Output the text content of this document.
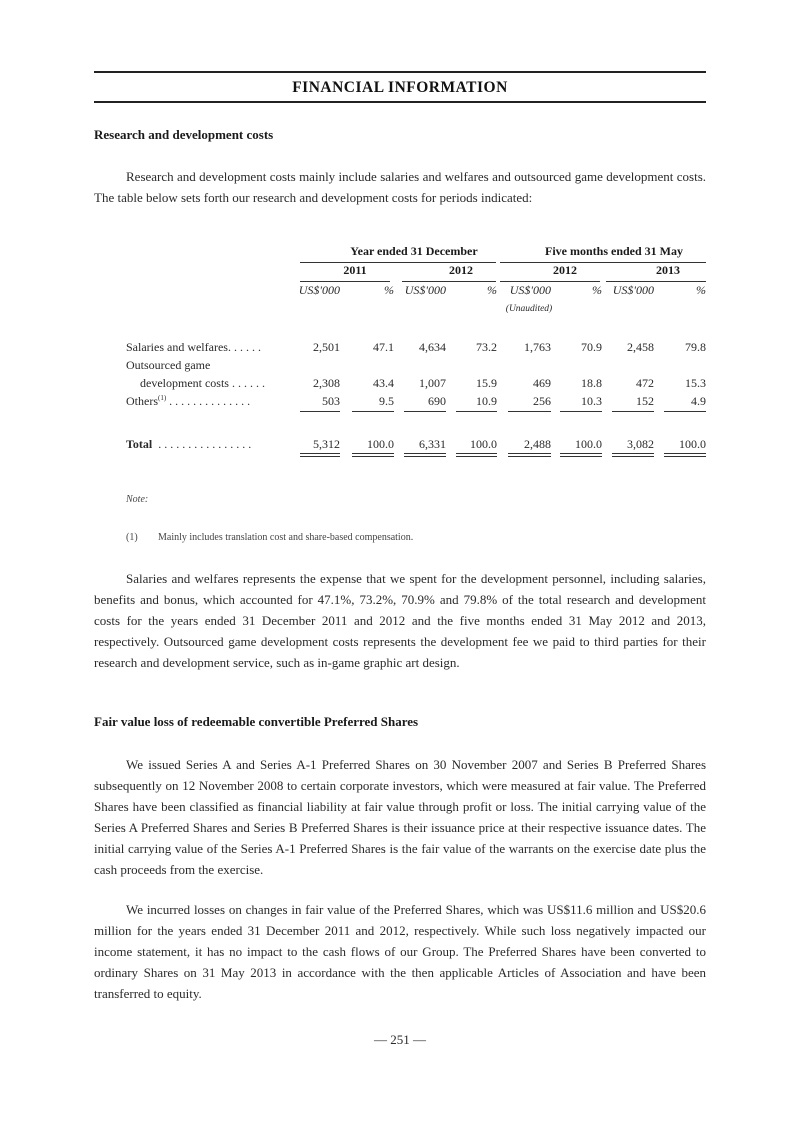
FINANCIAL INFORMATION
Research and development costs
Research and development costs mainly include salaries and welfares and outsourced game development costs. The table below sets forth our research and development costs for periods indicated:
Year ended 31 December	Five months ended 31 May
2011	2012	2012	2013
US$'000	% US$'000	%	US$'000	% US$'000	%
(Unaudited)
Salaries and welfares. . . . . .	2,501	47.1	4,634	73.2	1,763	70.9	2,458	79.8
Outsourced game
development costs . . . . . .	2,308	43.4	1,007	15.9	469	18.8	472	15.3
Others$^{(1)}$ . . . . . . . . . . . . . .	503	9.5	690	10.9	256	10.3	152	4.9
Total . . . . . . . . . . . . . . . .	5,312	100.0	6,331	100.0	2,488	100.0	3,082	100.0
Note:
(1) Mainly includes translation cost and share-based compensation.
Salaries and welfares represents the expense that we spent for the development personnel, including salaries, benefits and bonus, which accounted for 47.1%, 73.2%, 70.9% and 79.8% of the total research and development costs for the years ended 31 December 2011 and 2012 and the five months ended 31 May 2012 and 2013, respectively. Outsourced game development costs represents the development fee we paid to third parties for their research and development service, such as in-game graphic art design.
Fair value loss of redeemable convertible Preferred Shares
We issued Series A and Series A-1 Preferred Shares on 30 November 2007 and Series B Preferred Shares subsequently on 12 November 2008 to certain corporate investors, which were measured at fair value. The Preferred Shares have been classified as financial liability at fair value through profit or loss. The initial carrying value of the Series A Preferred Shares and Series B Preferred Shares is their issuance price at their respective issuance dates. The initial carrying value of the Series A-1 Preferred Shares is the fair value of the warrants on the exercise date plus the cash proceeds from the exercise.
We incurred losses on changes in fair value of the Preferred Shares, which was US$11.6 million and US$20.6 million for the years ended 31 December 2011 and 2012, respectively. While such loss negatively impacted our income statement, it has no impact to the cash flows of our Group. The Preferred Shares have been converted to ordinary Shares on 31 May 2013 in accordance with the then applicable Articles of Association and have been transferred to equity.
— 251 —
